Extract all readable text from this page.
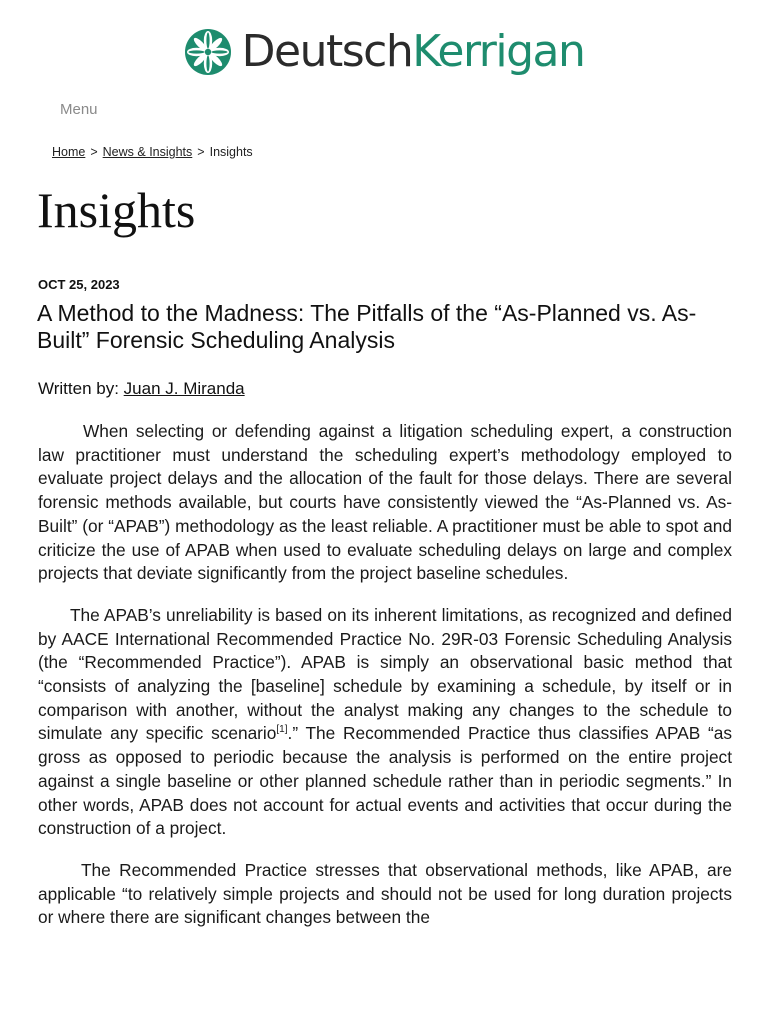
DeutschKerrigan
Menu
Home > News & Insights > Insights
Insights
OCT 25, 2023
A Method to the Madness: The Pitfalls of the “As-Planned vs. As-Built” Forensic Scheduling Analysis
Written by: Juan J. Miranda

When selecting or defending against a litigation scheduling expert, a construction law practitioner must understand the scheduling expert’s methodology employed to evaluate project delays and the allocation of the fault for those delays. There are several forensic methods available, but courts have consistently viewed the “As-Planned vs. As-Built” (or “APAB”) methodology as the least reliable. A practitioner must be able to spot and criticize the use of APAB when used to evaluate scheduling delays on large and complex projects that deviate significantly from the project baseline schedules.

The APAB’s unreliability is based on its inherent limitations, as recognized and defined by AACE International Recommended Practice No. 29R-03 Forensic Scheduling Analysis (the “Recommended Practice”). APAB is simply an observational basic method that “consists of analyzing the [baseline] schedule by examining a schedule, by itself or in comparison with another, without the analyst making any changes to the schedule to simulate any specific scenario[1].” The Recommended Practice thus classifies APAB “as gross as opposed to periodic because the analysis is performed on the entire project against a single baseline or other planned schedule rather than in periodic segments.” In other words, APAB does not account for actual events and activities that occur during the construction of a project.

The Recommended Practice stresses that observational methods, like APAB, are applicable “to relatively simple projects and should not be used for long duration projects or where there are significant changes between the
